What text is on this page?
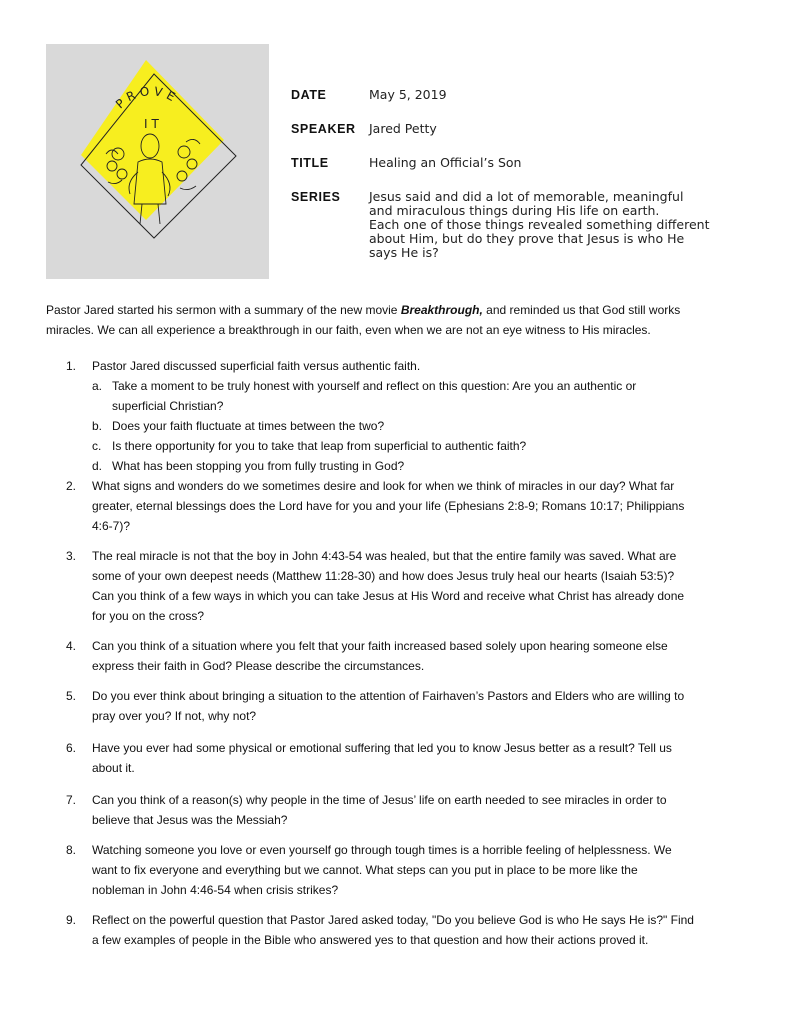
PROVE
IT
DATE	May 5, 2019
SPEAKER	Jared Petty
TITLE	Healing an Official’s Son
SERIES	Jesus said and did a lot of memorable, meaningful
and miraculous things during His life on earth.
Each one of those things revealed something different
about Him, but do they prove that Jesus is who He
says He is?
Pastor Jared started his sermon with a summary of the new movie Breakthrough, and reminded us that God still works
miracles. We can all experience a breakthrough in our faith, even when we are not an eye witness to His miracles.
1.	Pastor Jared discussed superficial faith versus authentic faith.
a. Take a moment to be truly honest with yourself and reflect on this question: Are you an authentic or
superficial Christian?
b. Does your faith fluctuate at times between the two?
c. Is there opportunity for you to take that leap from superficial to authentic faith?
d. What has been stopping you from fully trusting in God?
2.	What signs and wonders do we sometimes desire and look for when we think of miracles in our day? What far
greater, eternal blessings does the Lord have for you and your life (Ephesians 2:8-9; Romans 10:17; Philippians
4:6-7)?
3.	The real miracle is not that the boy in John 4:43-54 was healed, but that the entire family was saved. What are
some of your own deepest needs (Matthew 11:28-30) and how does Jesus truly heal our hearts (Isaiah 53:5)?
Can you think of a few ways in which you can take Jesus at His Word and receive what Christ has already done
for you on the cross?
4.	Can you think of a situation where you felt that your faith increased based solely upon hearing someone else
express their faith in God? Please describe the circumstances.
5.	Do you ever think about bringing a situation to the attention of Fairhaven’s Pastors and Elders who are willing to
pray over you? If not, why not?
6.	Have you ever had some physical or emotional suffering that led you to know Jesus better as a result? Tell us
about it.
7.	Can you think of a reason(s) why people in the time of Jesus’ life on earth needed to see miracles in order to
believe that Jesus was the Messiah?
8.	Watching someone you love or even yourself go through tough times is a horrible feeling of helplessness. We
want to fix everyone and everything but we cannot. What steps can you put in place to be more like the
nobleman in John 4:46-54 when crisis strikes?
9.	Reflect on the powerful question that Pastor Jared asked today, "Do you believe God is who He says He is?" Find
a few examples of people in the Bible who answered yes to that question and how their actions proved it.
